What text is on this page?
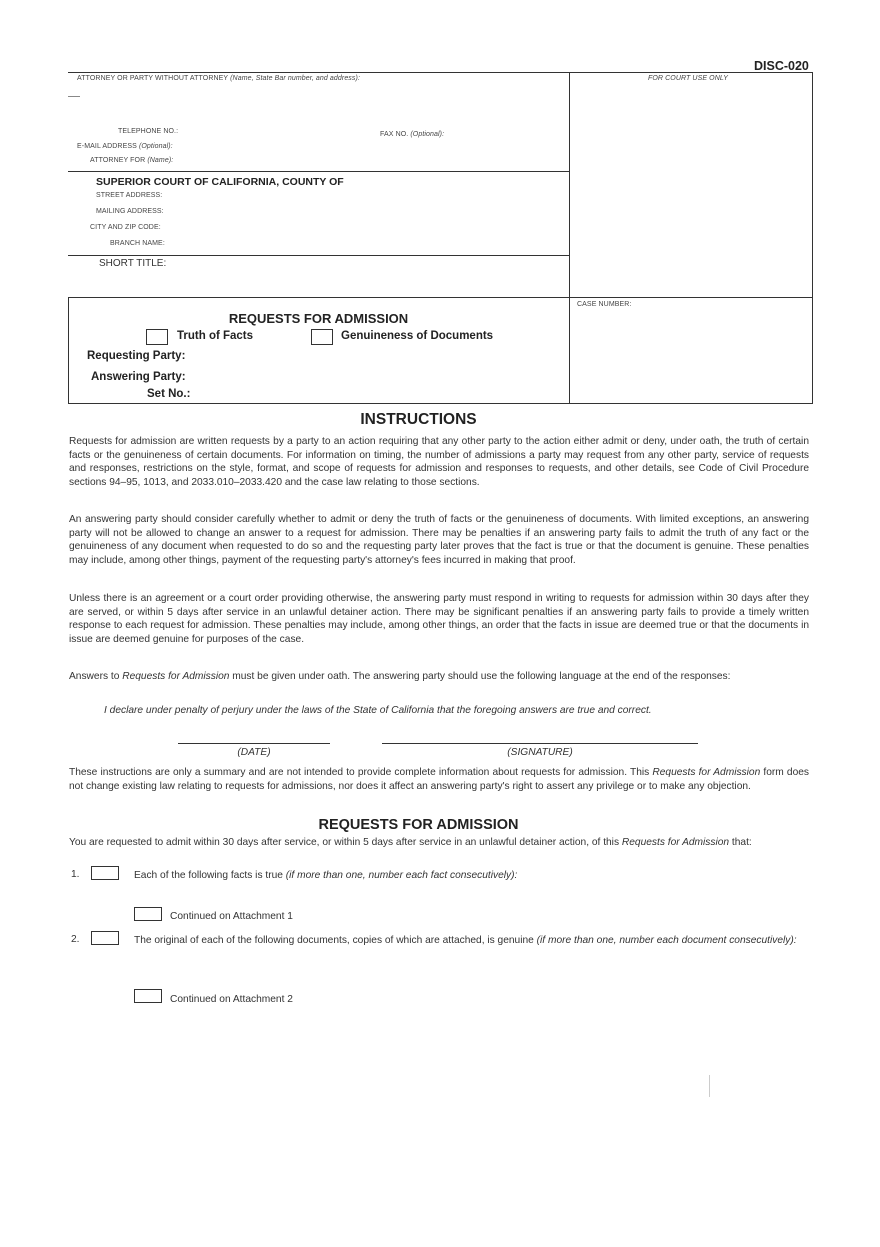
DISC-020
ATTORNEY OR PARTY WITHOUT ATTORNEY (Name, State Bar number, and address):	FOR COURT USE ONLY
TELEPHONE NO.:	FAX NO. (Optional):
E-MAIL ADDRESS (Optional):
ATTORNEY FOR (Name):
SUPERIOR COURT OF CALIFORNIA, COUNTY OF
STREET ADDRESS:
MAILING ADDRESS:
CITY AND ZIP CODE:
BRANCH NAME:
SHORT TITLE:
CASE NUMBER:
REQUESTS FOR ADMISSION
Truth of Facts	Genuineness of Documents
Requesting Party:
Answering Party:
Set No.:
INSTRUCTIONS
Requests for admission are written requests by a party to an action requiring that any other party to the action either admit or deny, under oath, the truth of certain facts or the genuineness of certain documents. For information on timing, the number of admissions a party may request from any other party, service of requests and responses, restrictions on the style, format, and scope of requests for admission and responses to requests, and other details, see Code of Civil Procedure sections 94–95, 1013, and 2033.010–2033.420 and the case law relating to those sections.
An answering party should consider carefully whether to admit or deny the truth of facts or the genuineness of documents. With limited exceptions, an answering party will not be allowed to change an answer to a request for admission. There may be penalties if an answering party fails to admit the truth of any fact or the genuineness of any document when requested to do so and the requesting party later proves that the fact is true or that the document is genuine. These penalties may include, among other things, payment of the requesting party's attorney's fees incurred in making that proof.
Unless there is an agreement or a court order providing otherwise, the answering party must respond in writing to requests for admission within 30 days after they are served, or within 5 days after service in an unlawful detainer action. There may be significant penalties if an answering party fails to provide a timely written response to each request for admission. These penalties may include, among other things, an order that the facts in issue are deemed true or that the documents in issue are deemed genuine for purposes of the case.
Answers to Requests for Admission must be given under oath. The answering party should use the following language at the end of the responses:
I declare under penalty of perjury under the laws of the State of California that the foregoing answers are true and correct.
(DATE)	(SIGNATURE)
These instructions are only a summary and are not intended to provide complete information about requests for admission. This Requests for Admission form does not change existing law relating to requests for admissions, nor does it affect an answering party's right to assert any privilege or to make any objection.
REQUESTS FOR ADMISSION
You are requested to admit within 30 days after service, or within 5 days after service in an unlawful detainer action, of this Requests for Admission that:
1.	Each of the following facts is true (if more than one, number each fact consecutively):
Continued on Attachment 1
2.	The original of each of the following documents, copies of which are attached, is genuine (if more than one, number each document consecutively):
Continued on Attachment 2
